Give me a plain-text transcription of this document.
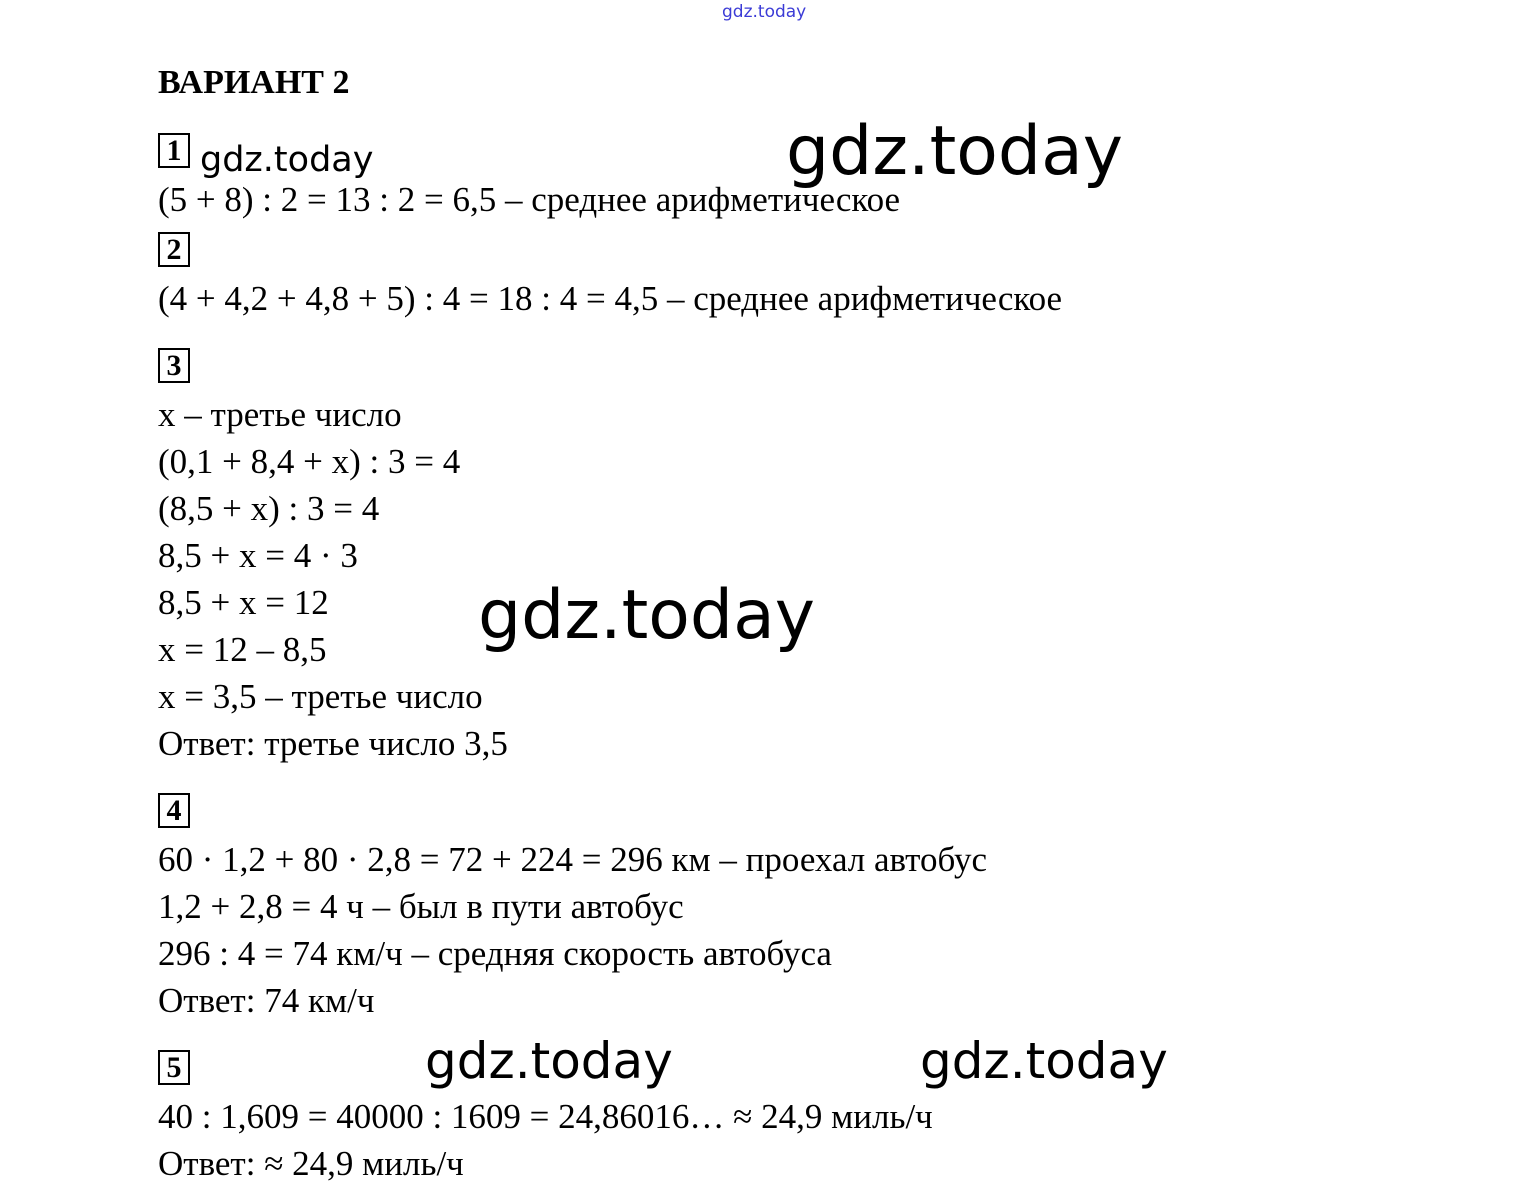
gdz.today
gdz.today	gdz.today
gdz.today
gdz.today	gdz.today
ВАРИАНТ 2
1
(5 + 8) : 2 = 13 : 2 = 6,5 – среднее арифметическое
2
(4 + 4,2 + 4,8 + 5) : 4 = 18 : 4 = 4,5 – среднее арифметическое
3
х – третье число
(0,1 + 8,4 + х) : 3 = 4
(8,5 + х) : 3 = 4
8,5 + х = 4 · 3
8,5 + х = 12
х = 12 – 8,5
х = 3,5 – третье число
Ответ: третье число 3,5
4
60 · 1,2 + 80 · 2,8 = 72 + 224 = 296 км – проехал автобус
1,2 + 2,8 = 4 ч – был в пути автобус
296 : 4 = 74 км/ч – средняя скорость автобуса
Ответ: 74 км/ч
5
40 : 1,609 = 40000 : 1609 = 24,86016… ≈ 24,9 миль/ч
Ответ: ≈ 24,9 миль/ч
